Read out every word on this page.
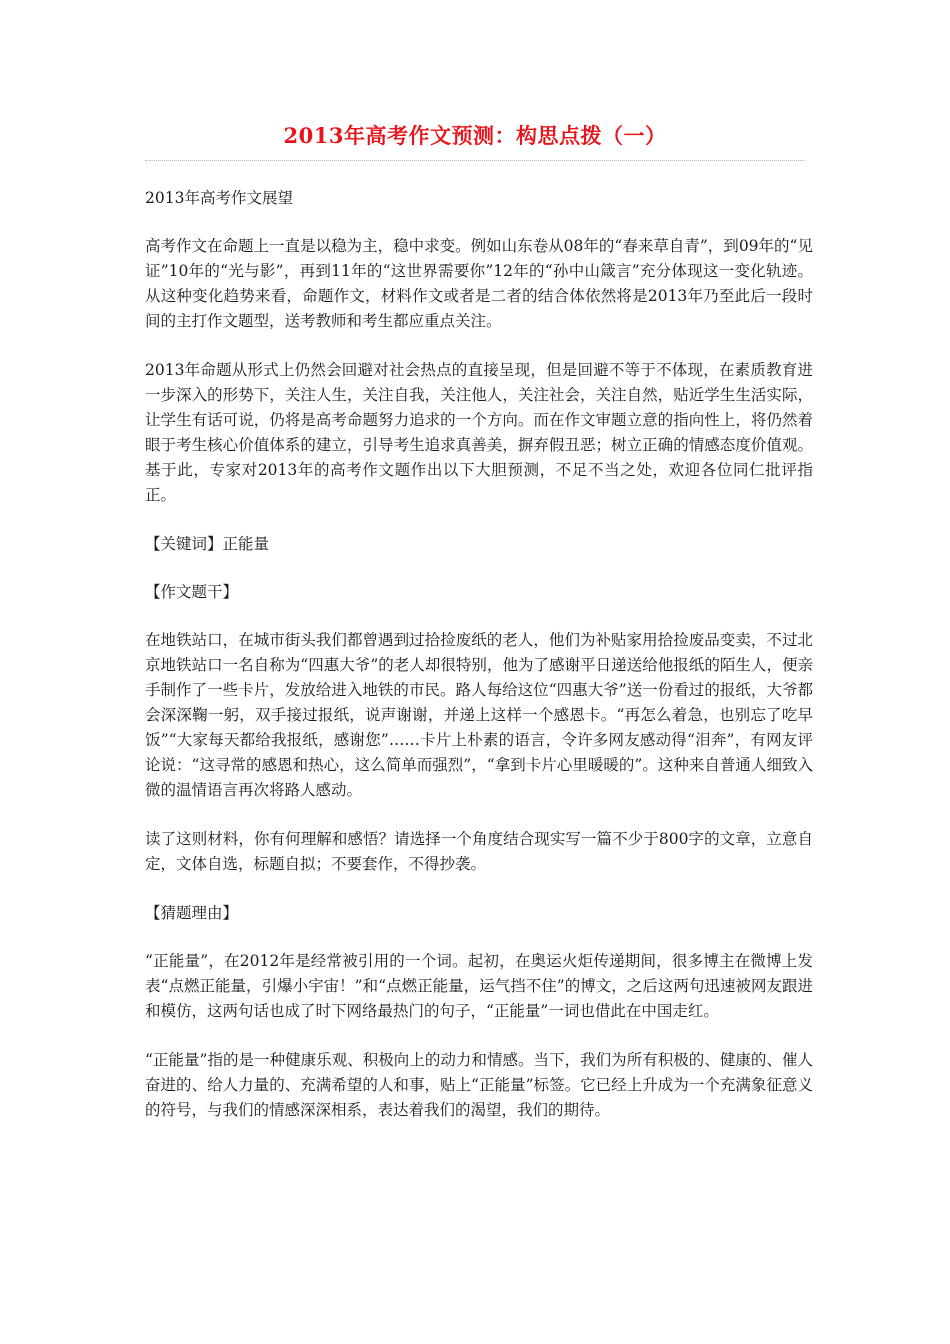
2013年高考作文预测：构思点拨（一）

2013年高考作文展望

高考作文在命题上一直是以稳为主，稳中求变。例如山东卷从08年的“春来草自青”，到09年的“见证”10年的“光与影”，再到11年的“这世界需要你”12年的“孙中山箴言”充分体现这一变化轨迹。从这种变化趋势来看，命题作文，材料作文或者是二者的结合体依然将是2013年乃至此后一段时间的主打作文题型，送考教师和考生都应重点关注。

2013年命题从形式上仍然会回避对社会热点的直接呈现，但是回避不等于不体现，在素质教育进一步深入的形势下，关注人生，关注自我，关注他人，关注社会，关注自然，贴近学生生活实际，让学生有话可说，仍将是高考命题努力追求的一个方向。而在作文审题立意的指向性上，将仍然着眼于考生核心价值体系的建立，引导考生追求真善美，摒弃假丑恶；树立正确的情感态度价值观。基于此，专家对2013年的高考作文题作出以下大胆预测，不足不当之处，欢迎各位同仁批评指正。

【关键词】正能量

【作文题干】

在地铁站口，在城市街头我们都曾遇到过拾捡废纸的老人，他们为补贴家用拾捡废品变卖，不过北京地铁站口一名自称为“四惠大爷”的老人却很特别，他为了感谢平日递送给他报纸的陌生人，便亲手制作了一些卡片，发放给进入地铁的市民。路人每给这位“四惠大爷”送一份看过的报纸，大爷都会深深鞠一躬，双手接过报纸，说声谢谢，并递上这样一个感恩卡。“再怎么着急，也别忘了吃早饭”“大家每天都给我报纸，感谢您”……卡片上朴素的语言，令许多网友感动得“泪奔”，有网友评论说：“这寻常的感恩和热心，这么简单而强烈”，“拿到卡片心里暖暖的”。这种来自普通人细致入微的温情语言再次将路人感动。

读了这则材料，你有何理解和感悟？请选择一个角度结合现实写一篇不少于800字的文章，立意自定，文体自选，标题自拟；不要套作，不得抄袭。

【猜题理由】

“正能量”，在2012年是经常被引用的一个词。起初，在奥运火炬传递期间，很多博主在微博上发表“点燃正能量，引爆小宇宙！”和“点燃正能量，运气挡不住”的博文，之后这两句迅速被网友跟进和模仿，这两句话也成了时下网络最热门的句子，“正能量”一词也借此在中国走红。

“正能量”指的是一种健康乐观、积极向上的动力和情感。当下，我们为所有积极的、健康的、催人奋进的、给人力量的、充满希望的人和事，贴上“正能量”标签。它已经上升成为一个充满象征意义的符号，与我们的情感深深相系，表达着我们的渴望，我们的期待。
